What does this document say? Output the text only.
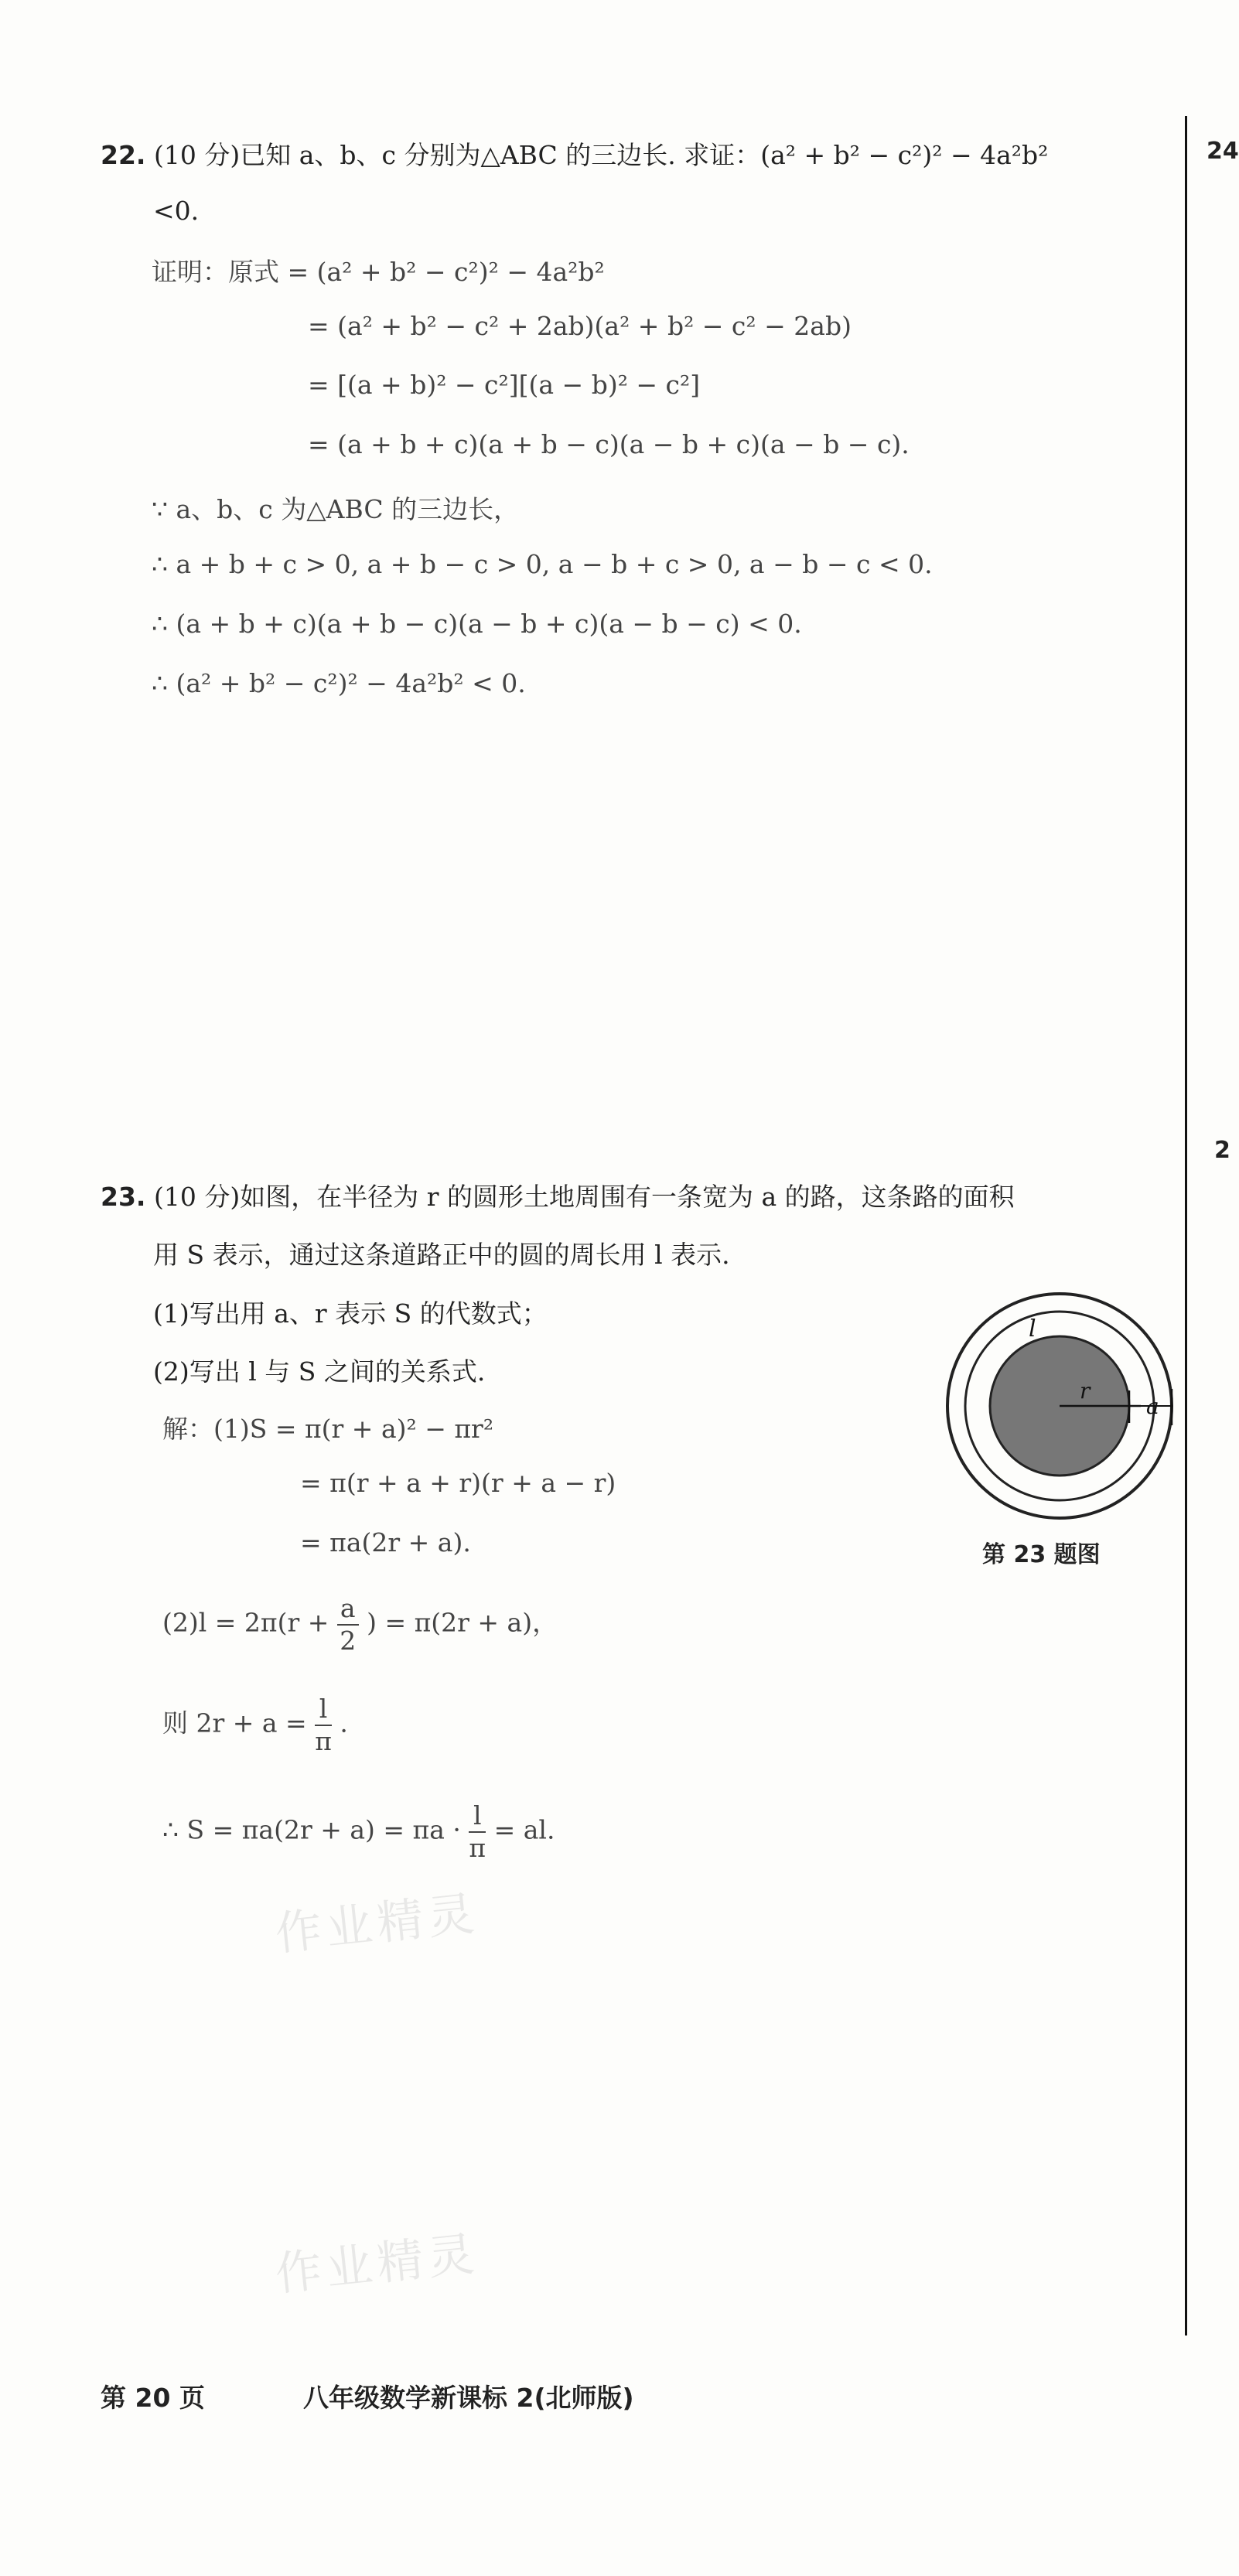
22. (10 分)已知 a、b、c 分别为△ABC 的三边长. 求证：(a² + b² − c²)² − 4a²b²
<0.
证明：原式 = (a² + b² − c²)² − 4a²b²
= (a² + b² − c² + 2ab)(a² + b² − c² − 2ab)
= [(a + b)² − c²][(a − b)² − c²]
= (a + b + c)(a + b − c)(a − b + c)(a − b − c).
∵ a、b、c 为△ABC 的三边长，
∴ a + b + c > 0, a + b − c > 0, a − b + c > 0, a − b − c < 0.
∴ (a + b + c)(a + b − c)(a − b + c)(a − b − c) < 0.
∴ (a² + b² − c²)² − 4a²b² < 0.
23. (10 分)如图，在半径为 r 的圆形土地周围有一条宽为 a 的路，这条路的面积
用 S 表示，通过这条道路正中的圆的周长用 l 表示.
(1)写出用 a、r 表示 S 的代数式；
(2)写出 l 与 S 之间的关系式.
解：(1)S = π(r + a)² − πr²
= π(r + a + r)(r + a − r)
= πa(2r + a).
$(2)l = 2\pi(r + \frac{a}{2}$ ) = π(2r + a)，
则 $2r + a = \frac{l}{\pi}$ .
∴ $S = \pi a(2r + a) = \pi a \cdot \frac{l}{\pi}$ = al.
l
r
a
第 23 题图
作业精灵
作业精灵
24
2
第 20 页	八年级数学新课标 2(北师版)
